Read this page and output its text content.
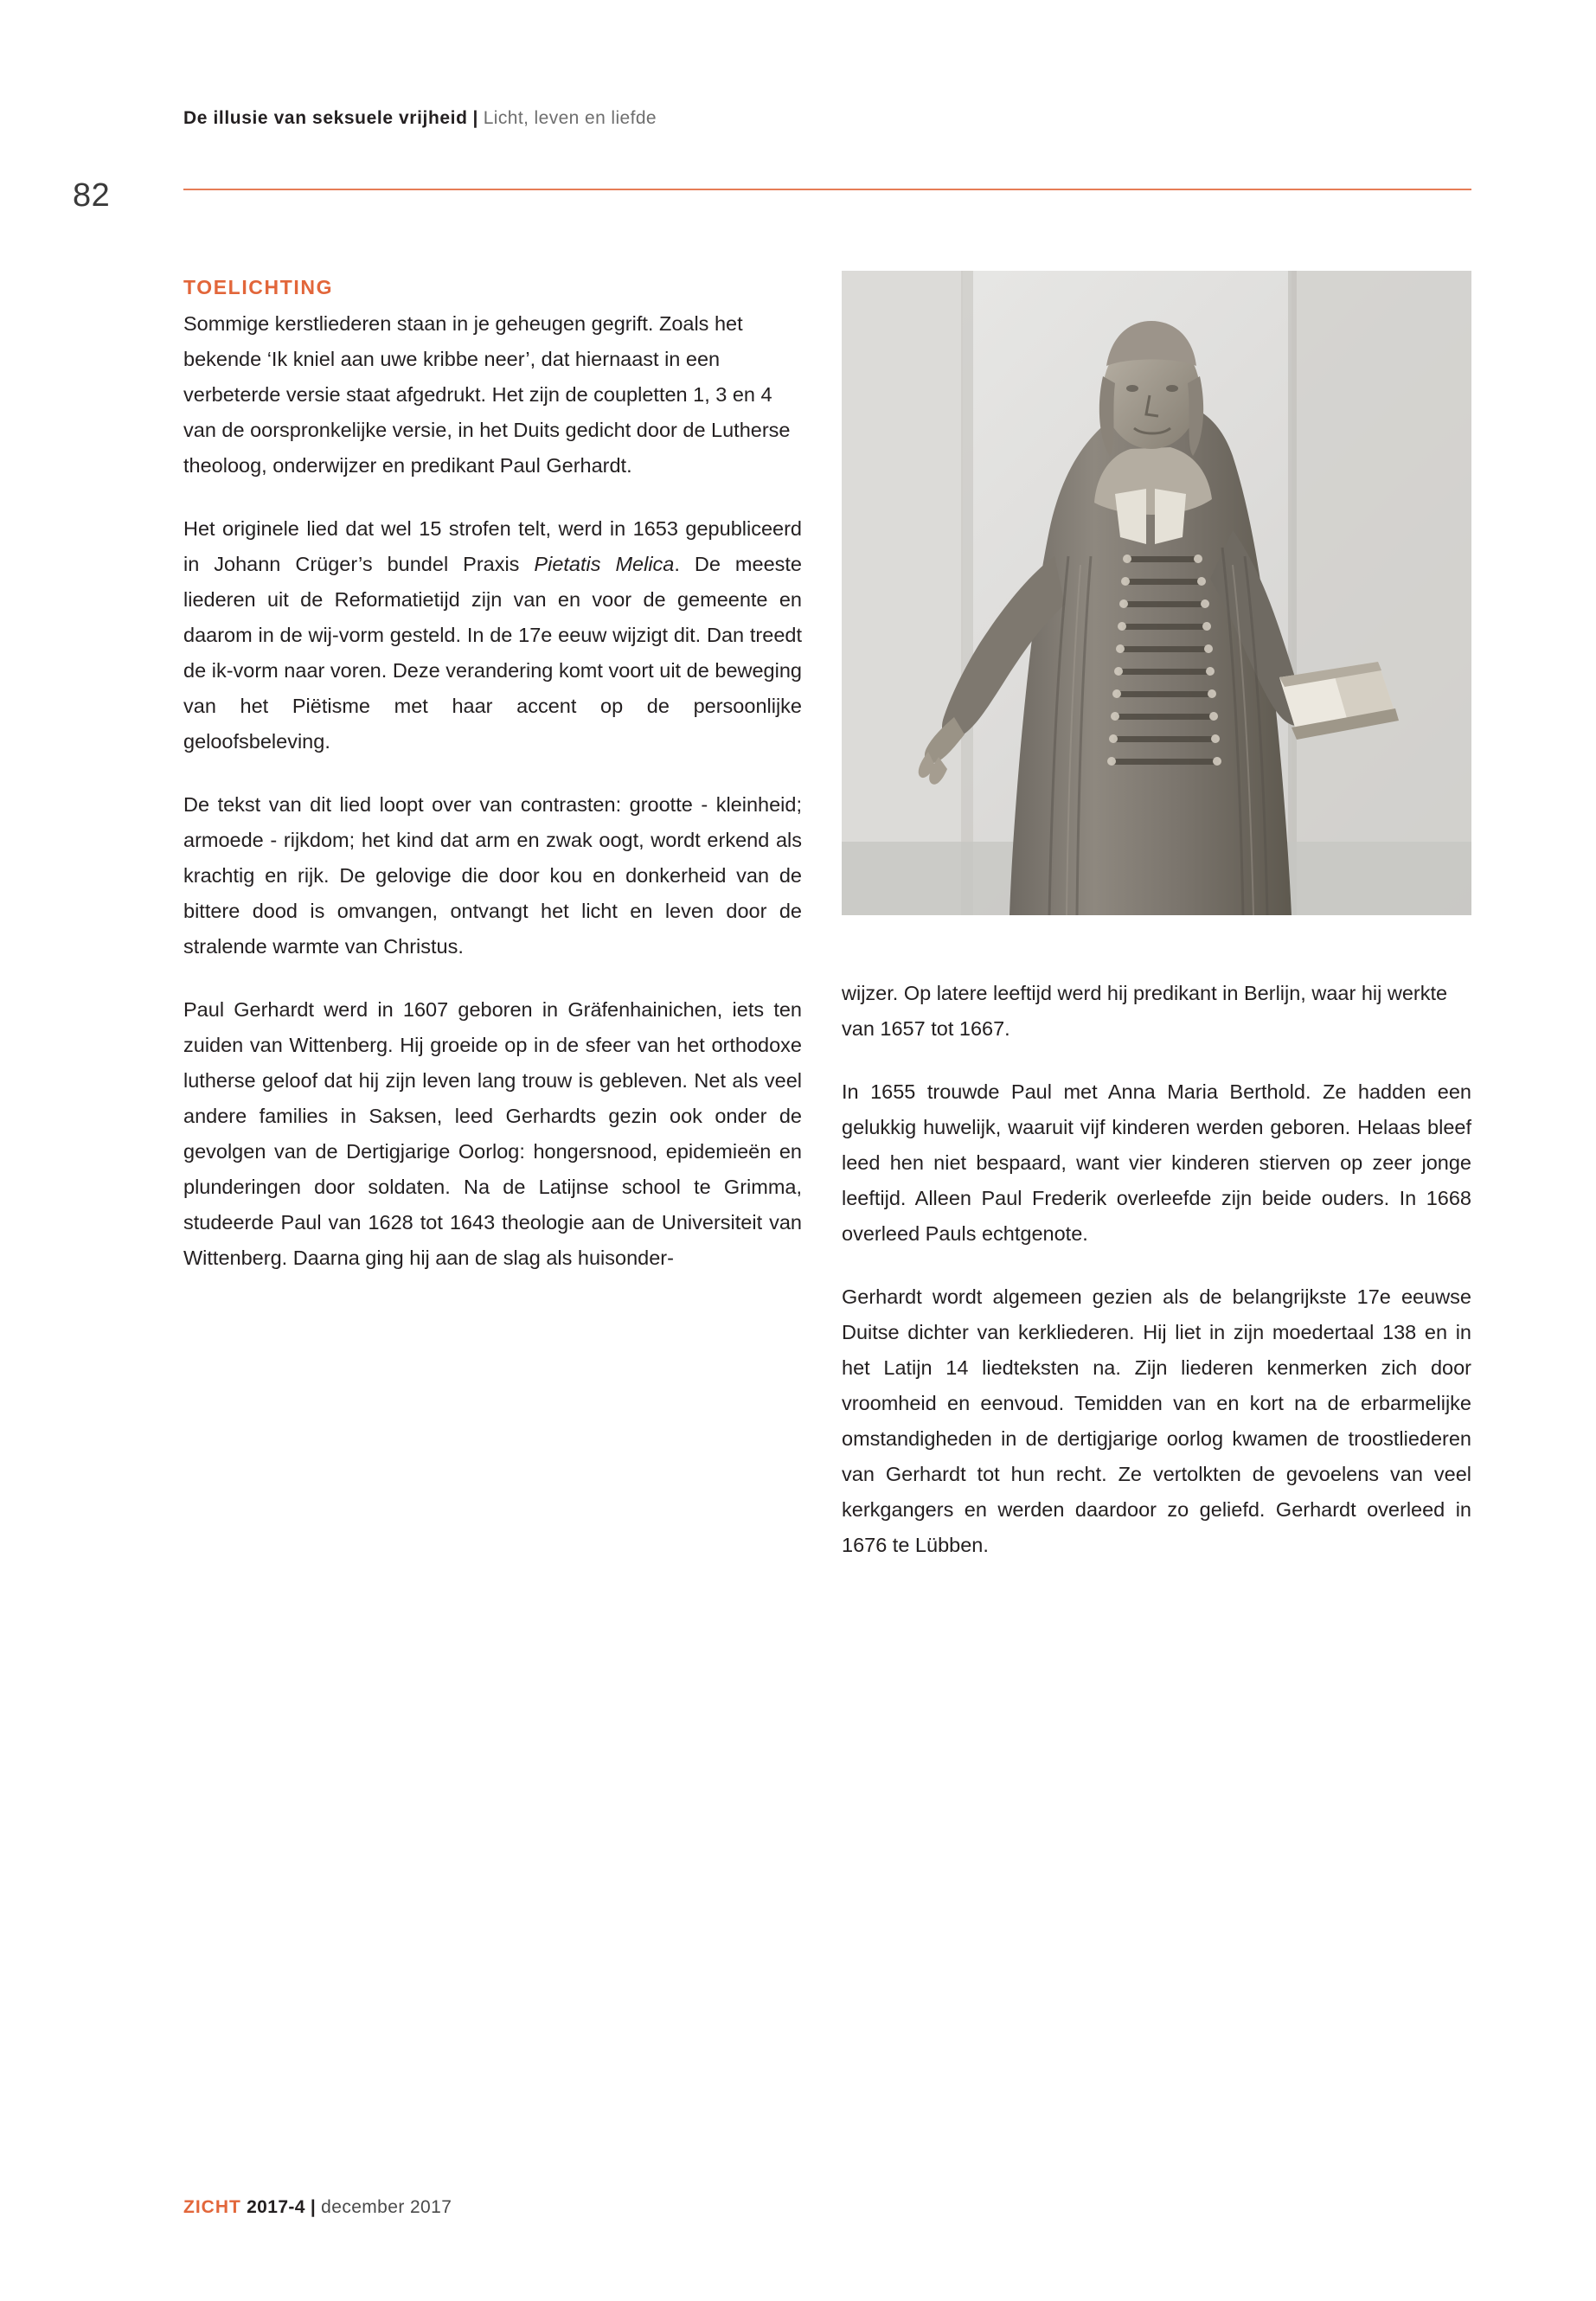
De illusie van seksuele vrijheid | Licht, leven en liefde
82

TOELICHTING

Sommige kerstliederen staan in je geheugen gegrift. Zoals het bekende ‘Ik kniel aan uwe kribbe neer’, dat hiernaast in een verbeterde versie staat afgedrukt. Het zijn de coupletten 1, 3 en 4 van de oorspronkelijke versie, in het Duits gedicht door de Lutherse theoloog, onderwijzer en predikant Paul Gerhardt.

Het originele lied dat wel 15 strofen telt, werd in 1653 gepubliceerd in Johann Crüger’s bundel Praxis Pietatis Melica. De meeste liederen uit de Reformatietijd zijn van en voor de gemeente en daarom in de wij-vorm gesteld. In de 17e eeuw wijzigt dit. Dan treedt de ik-vorm naar voren. Deze verandering komt voort uit de beweging van het Piëtisme met haar accent op de persoonlijke geloofsbeleving.

De tekst van dit lied loopt over van contrasten: grootte - kleinheid; armoede - rijkdom; het kind dat arm en zwak oogt, wordt erkend als krachtig en rijk. De gelovige die door kou en donkerheid van de bittere dood is omvangen, ontvangt het licht en leven door de stralende warmte van Christus.

Paul Gerhardt werd in 1607 geboren in Gräfenhainichen, iets ten zuiden van Wittenberg. Hij groeide op in de sfeer van het orthodoxe lutherse geloof dat hij zijn leven lang trouw is gebleven. Net als veel andere families in Saksen, leed Gerhardts gezin ook onder de gevolgen van de Dertigjarige Oorlog: hongersnood, epidemieën en plunderingen door soldaten. Na de Latijnse school te Grimma, studeerde Paul van 1628 tot 1643 theologie aan de Universiteit van Wittenberg. Daarna ging hij aan de slag als huisonder-

wijzer. Op latere leeftijd werd hij predikant in Berlijn, waar hij werkte van 1657 tot 1667.

In 1655 trouwde Paul met Anna Maria Berthold. Ze hadden een gelukkig huwelijk, waaruit vijf kinderen werden geboren. Helaas bleef leed hen niet bespaard, want vier kinderen stierven op zeer jonge leeftijd. Alleen Paul Frederik overleefde zijn beide ouders. In 1668 overleed Pauls echtgenote.

Gerhardt wordt algemeen gezien als de belangrijkste 17e eeuwse Duitse dichter van kerkliederen. Hij liet in zijn moedertaal 138 en in het Latijn 14 liedteksten na. Zijn liederen kenmerken zich door vroomheid en eenvoud. Temidden van en kort na de erbarmelijke omstandigheden in de dertigjarige oorlog kwamen de troostliederen van Gerhardt tot hun recht. Ze vertolkten de gevoelens van veel kerkgangers en werden daardoor zo geliefd. Gerhardt overleed in 1676 te Lübben.

ZICHT 2017-4 | december 2017
